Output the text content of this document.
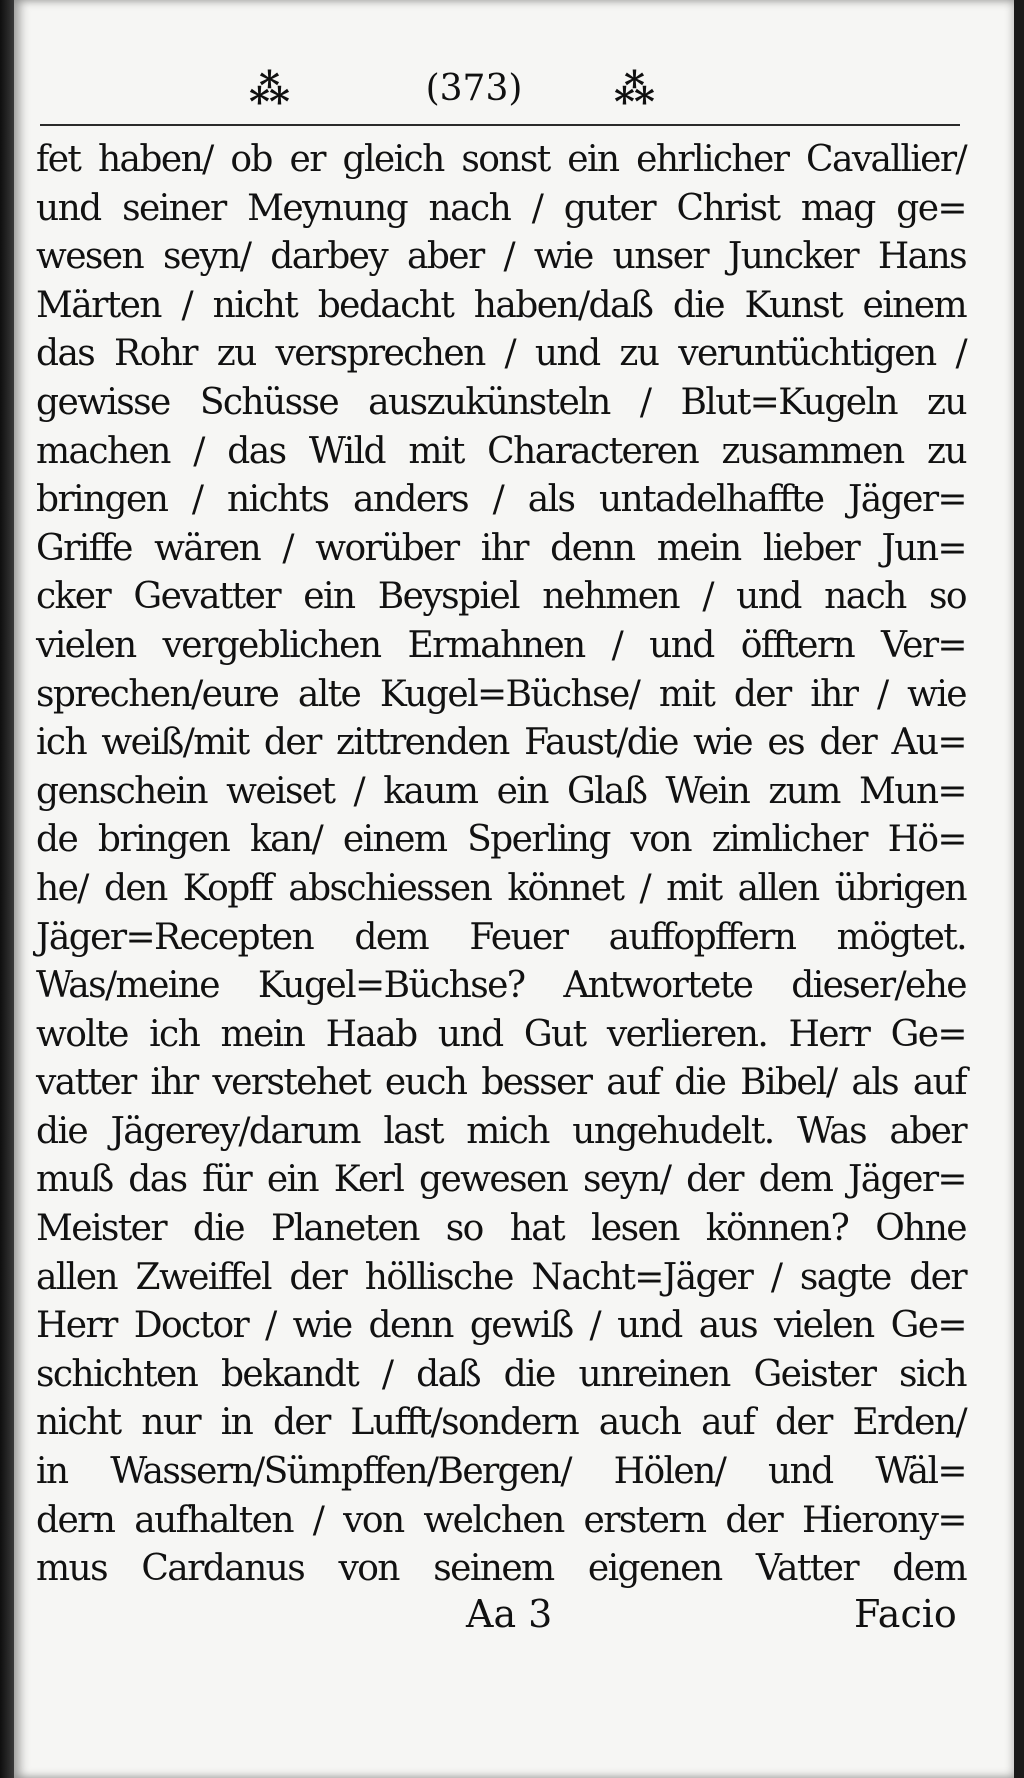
⁂	(373)	⁂
fet haben/ ob er gleich sonst ein ehrlicher Cavallier/
und seiner Meynung nach / guter Christ mag ge=
wesen seyn/ darbey aber / wie unser Juncker Hans
Märten / nicht bedacht haben/daß die Kunst einem
das Rohr zu versprechen / und zu veruntüchtigen /
gewisse Schüsse auszukünsteln / Blut=Kugeln zu
machen / das Wild mit Characteren zusammen zu
bringen / nichts anders / als untadelhaffte Jäger=
Griffe wären / worüber ihr denn mein lieber Jun=
cker Gevatter ein Beyspiel nehmen / und nach so
vielen vergeblichen Ermahnen / und öfftern Ver=
sprechen/eure alte Kugel=Büchse/ mit der ihr / wie
ich weiß/mit der zittrenden Faust/die wie es der Au=
genschein weiset / kaum ein Glaß Wein zum Mun=
de bringen kan/ einem Sperling von zimlicher Hö=
he/ den Kopff abschiessen könnet / mit allen übrigen
Jäger=Recepten dem Feuer auffopffern mögtet.
Was/meine Kugel=Büchse? Antwortete dieser/ehe
wolte ich mein Haab und Gut verlieren. Herr Ge=
vatter ihr verstehet euch besser auf die Bibel/ als auf
die Jägerey/darum last mich ungehudelt. Was aber
muß das für ein Kerl gewesen seyn/ der dem Jäger=
Meister die Planeten so hat lesen können? Ohne
allen Zweiffel der höllische Nacht=Jäger / sagte der
Herr Doctor / wie denn gewiß / und aus vielen Ge=
schichten bekandt / daß die unreinen Geister sich
nicht nur in der Lufft/sondern auch auf der Erden/
in Wassern/Sümpffen/Bergen/ Hölen/ und Wäl=
dern aufhalten / von welchen erstern der Hierony=
mus Cardanus von seinem eigenen Vatter dem
Aa 3	Facio
